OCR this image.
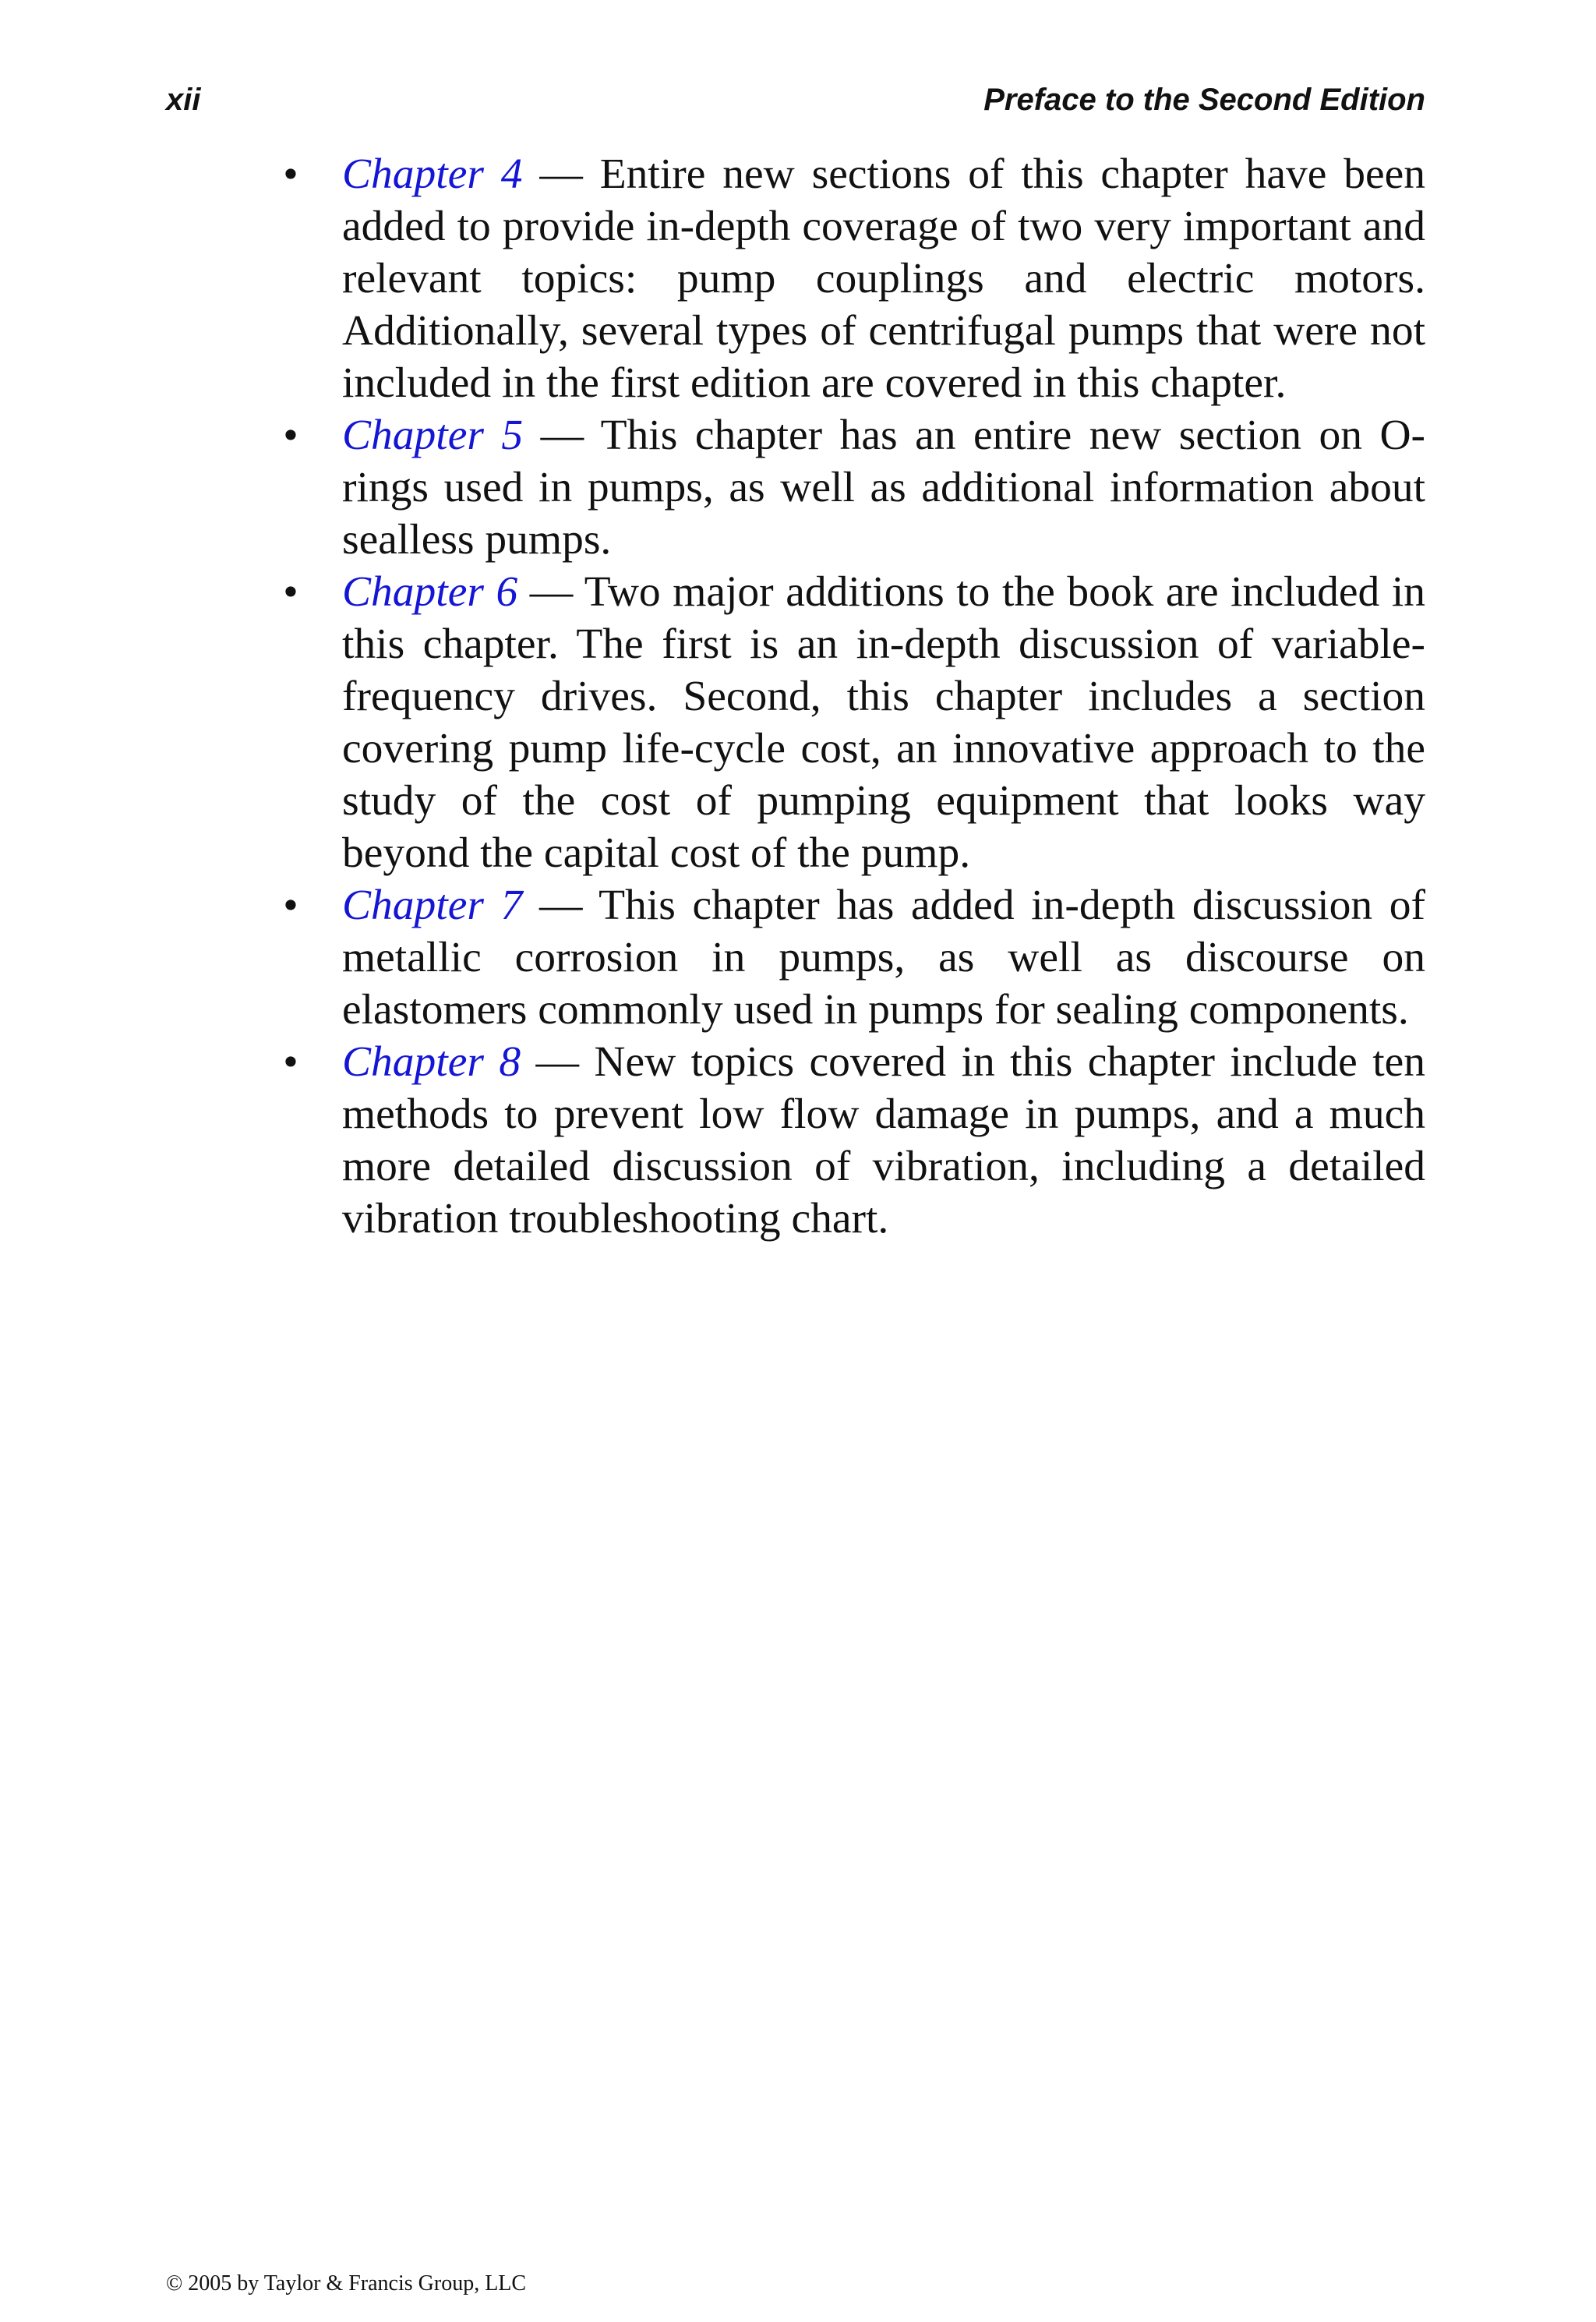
xii	Preface to the Second Edition
• Chapter 4 — Entire new sections of this chapter have been added to provide in-depth coverage of two very important and relevant topics: pump couplings and electric motors. Additionally, several types of centrifugal pumps that were not included in the first edition are covered in this chapter.
• Chapter 5 — This chapter has an entire new section on O-rings used in pumps, as well as additional information about sealless pumps.
• Chapter 6 — Two major additions to the book are included in this chapter. The first is an in-depth discussion of variable-frequency drives. Second, this chapter includes a section covering pump life-cycle cost, an innovative approach to the study of the cost of pumping equipment that looks way beyond the capital cost of the pump.
• Chapter 7 — This chapter has added in-depth discussion of metallic corrosion in pumps, as well as discourse on elastomers commonly used in pumps for sealing components.
• Chapter 8 — New topics covered in this chapter include ten methods to prevent low flow damage in pumps, and a much more detailed discussion of vibration, including a detailed vibration troubleshooting chart.
© 2005 by Taylor & Francis Group, LLC
